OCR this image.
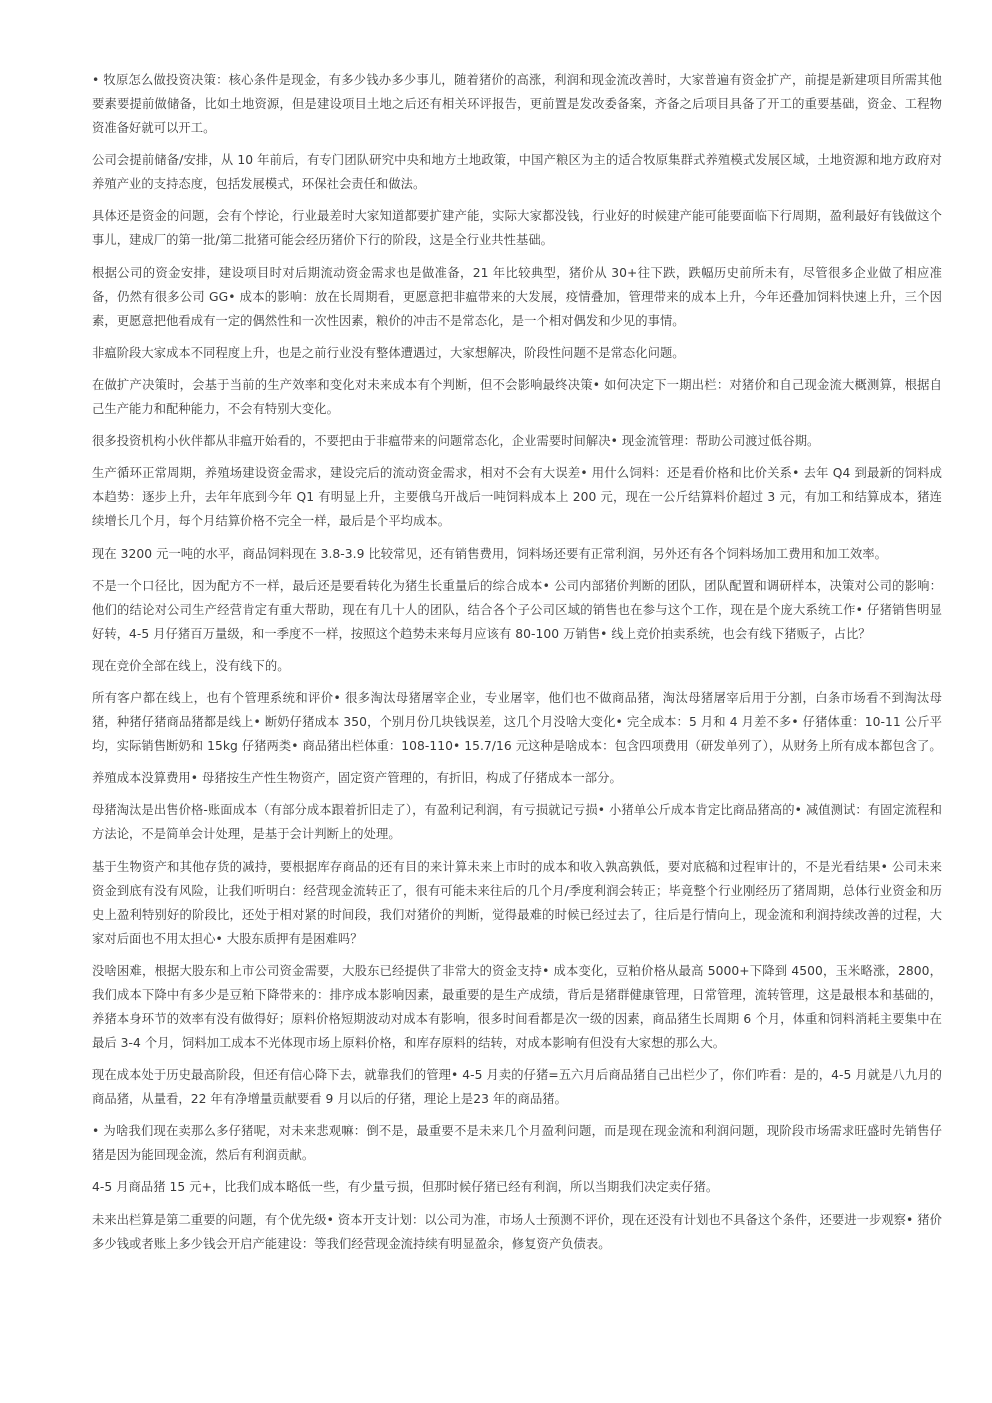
• 牧原怎么做投资决策：核心条件是现金，有多少钱办多少事儿，随着猪价的高涨，利润和现金流改善时，大家普遍有资金扩产，前提是新建项目所需其他要素要提前做储备，比如土地资源，但是建设项目土地之后还有相关环评报告，更前置是发改委备案，齐备之后项目具备了开工的重要基础，资金、工程物资准备好就可以开工。

公司会提前储备/安排，从 10 年前后，有专门团队研究中央和地方土地政策，中国产粮区为主的适合牧原集群式养殖模式发展区域，土地资源和地方政府对养殖产业的支持态度，包括发展模式，环保社会责任和做法。

具体还是资金的问题，会有个悖论，行业最差时大家知道都要扩建产能，实际大家都没钱，行业好的时候建产能可能要面临下行周期，盈利最好有钱做这个事儿，建成厂的第一批/第二批猪可能会经历猪价下行的阶段，这是全行业共性基础。

根据公司的资金安排，建设项目时对后期流动资金需求也是做准备，21 年比较典型，猪价从 30+往下跌，跌幅历史前所未有，尽管很多企业做了相应准备，仍然有很多公司 GG• 成本的影响：放在长周期看，更愿意把非瘟带来的大发展，疫情叠加，管理带来的成本上升，今年还叠加饲料快速上升，三个因素，更愿意把他看成有一定的偶然性和一次性因素，粮价的冲击不是常态化，是一个相对偶发和少见的事情。

非瘟阶段大家成本不同程度上升，也是之前行业没有整体遭遇过，大家想解决，阶段性问题不是常态化问题。

在做扩产决策时，会基于当前的生产效率和变化对未来成本有个判断，但不会影响最终决策• 如何决定下一期出栏：对猪价和自己现金流大概测算，根据自己生产能力和配种能力，不会有特别大变化。

很多投资机构小伙伴都从非瘟开始看的，不要把由于非瘟带来的问题常态化，企业需要时间解决• 现金流管理：帮助公司渡过低谷期。

生产循环正常周期，养殖场建设资金需求，建设完后的流动资金需求，相对不会有大误差• 用什么饲料：还是看价格和比价关系• 去年 Q4 到最新的饲料成本趋势：逐步上升，去年年底到今年 Q1 有明显上升，主要俄乌开战后一吨饲料成本上 200 元，现在一公斤结算料价超过 3 元，有加工和结算成本，猪连续增长几个月，每个月结算价格不完全一样，最后是个平均成本。

现在 3200 元一吨的水平，商品饲料现在 3.8-3.9 比较常见，还有销售费用，饲料场还要有正常利润，另外还有各个饲料场加工费用和加工效率。

不是一个口径比，因为配方不一样，最后还是要看转化为猪生长重量后的综合成本• 公司内部猪价判断的团队，团队配置和调研样本，决策对公司的影响：他们的结论对公司生产经营肯定有重大帮助，现在有几十人的团队，结合各个子公司区域的销售也在参与这个工作，现在是个庞大系统工作• 仔猪销售明显好转，4-5 月仔猪百万量级，和一季度不一样，按照这个趋势未来每月应该有 80-100 万销售• 线上竞价拍卖系统，也会有线下猪贩子，占比？

现在竞价全部在线上，没有线下的。

所有客户都在线上，也有个管理系统和评价• 很多淘汰母猪屠宰企业，专业屠宰，他们也不做商品猪，淘汰母猪屠宰后用于分割，白条市场看不到淘汰母猪，种猪仔猪商品猪都是线上• 断奶仔猪成本 350，个别月份几块钱误差，这几个月没啥大变化• 完全成本：5 月和 4 月差不多• 仔猪体重：10-11 公斤平均，实际销售断奶和 15kg 仔猪两类• 商品猪出栏体重：108-110• 15.7/16 元这种是啥成本：包含四项费用（研发单列了），从财务上所有成本都包含了。

养殖成本没算费用• 母猪按生产性生物资产，固定资产管理的，有折旧，构成了仔猪成本一部分。

母猪淘汰是出售价格-账面成本（有部分成本跟着折旧走了），有盈利记利润，有亏损就记亏损• 小猪单公斤成本肯定比商品猪高的• 减值测试：有固定流程和方法论，不是简单会计处理，是基于会计判断上的处理。

基于生物资产和其他存货的减持，要根据库存商品的还有目的来计算未来上市时的成本和收入孰高孰低，要对底稿和过程审计的，不是光看结果• 公司未来资金到底有没有风险，让我们听明白：经营现金流转正了，很有可能未来往后的几个月/季度利润会转正；毕竟整个行业刚经历了猪周期，总体行业资金和历史上盈利特别好的阶段比，还处于相对紧的时间段，我们对猪价的判断，觉得最难的时候已经过去了，往后是行情向上，现金流和利润持续改善的过程，大家对后面也不用太担心• 大股东质押有是困难吗？

没啥困难，根据大股东和上市公司资金需要，大股东已经提供了非常大的资金支持• 成本变化，豆粕价格从最高 5000+下降到 4500，玉米略涨，2800，我们成本下降中有多少是豆粕下降带来的：排序成本影响因素，最重要的是生产成绩，背后是猪群健康管理，日常管理，流转管理，这是最根本和基础的，养猪本身环节的效率有没有做得好；原料价格短期波动对成本有影响，很多时间看都是次一级的因素，商品猪生长周期 6 个月，体重和饲料消耗主要集中在最后 3-4 个月，饲料加工成本不光体现市场上原料价格，和库存原料的结转，对成本影响有但没有大家想的那么大。

现在成本处于历史最高阶段，但还有信心降下去，就靠我们的管理• 4-5 月卖的仔猪=五六月后商品猪自己出栏少了，你们咋看：是的，4-5 月就是八九月的商品猪，从量看，22 年有净增量贡献要看 9 月以后的仔猪，理论上是23 年的商品猪。

• 为啥我们现在卖那么多仔猪呢，对未来悲观嘛：倒不是，最重要不是未来几个月盈利问题，而是现在现金流和利润问题，现阶段市场需求旺盛时先销售仔猪是因为能回现金流，然后有利润贡献。

4-5 月商品猪 15 元+，比我们成本略低一些，有少量亏损，但那时候仔猪已经有利润，所以当期我们决定卖仔猪。

未来出栏算是第二重要的问题，有个优先级• 资本开支计划：以公司为准，市场人士预测不评价，现在还没有计划也不具备这个条件，还要进一步观察• 猪价多少钱或者账上多少钱会开启产能建设：等我们经营现金流持续有明显盈余，修复资产负债表。
